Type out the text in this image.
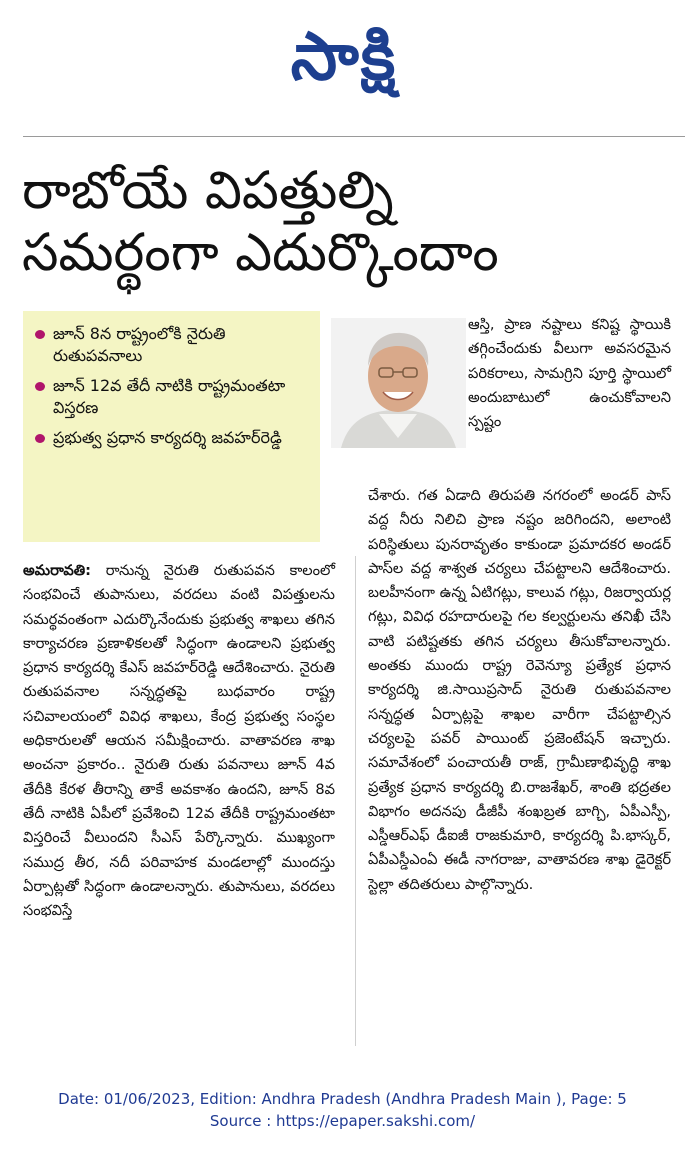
సాక్షి
రాబోయే విపత్తుల్ని
సమర్థంగా ఎదుర్కొందాం
జూన్ 8న రాష్ట్రంలోకి నైరుతి రుతుపవనాలు
జూన్ 12వ తేదీ నాటికి రాష్ట్రమంతటా విస్తరణ
ప్రభుత్వ ప్రధాన కార్యదర్శి జవహర్‌రెడ్డి
ఆస్తి, ప్రాణ నష్టాలు కనిష్ట స్థాయికి తగ్గించేందుకు వీలుగా అవసరమైన పరికరాలు, సామగ్రిని పూర్తి స్థాయిలో అందుబాటులో ఉంచుకోవాలని స్పష్టం
చేశారు. గత ఏడాది తిరుపతి నగరంలో అండర్ పాస్ వద్ద నీరు నిలిచి ప్రాణ నష్టం జరిగిందని, అలాంటి పరిస్థితులు పునరావృతం కాకుండా ప్రమాదకర అండర్ పాస్‌ల వద్ద శాశ్వత చర్యలు చేపట్టాలని ఆదేశించారు. బలహీనంగా ఉన్న ఏటిగట్లు, కాలువ గట్లు, రిజర్వాయర్ల గట్లు, వివిధ రహదారులపై గల కల్వర్టులను తనిఖీ చేసి వాటి పటిష్టతకు తగిన చర్యలు తీసుకోవాలన్నారు. అంతకు ముందు రాష్ట్ర రెవెన్యూ ప్రత్యేక ప్రధాన కార్యదర్శి జి.సాయిప్రసాద్ నైరుతి రుతుపవనాల సన్నద్ధత ఏర్పాట్లపై శాఖల వారీగా చేపట్టాల్సిన చర్యలపై పవర్ పాయింట్ ప్రజెంటేషన్ ఇచ్చారు. సమావేశంలో పంచాయతీ రాజ్, గ్రామీణాభివృద్ధి శాఖ ప్రత్యేక ప్రధాన కార్యదర్శి బి.రాజశేఖర్, శాంతి భద్రతల విభాగం అదనపు డీజీపీ శంఖబ్రత బాగ్చి, ఏపీఎస్పీ, ఎస్డీఆర్ఎఫ్ డీఐజీ రాజకుమారి, కార్యదర్శి పి.భాస్కర్, ఏపీఎస్డీఎంఏ ఈడీ నాగరాజు, వాతావరణ శాఖ డైరెక్టర్ స్టెల్లా తదితరులు పాల్గొన్నారు.
అమరావతి: రానున్న నైరుతి రుతుపవన కాలంలో సంభవించే తుపానులు, వరదలు వంటి విపత్తులను సమర్థవంతంగా ఎదుర్కొనేందుకు ప్రభుత్వ శాఖలు తగిన కార్యాచరణ ప్రణాళికలతో సిద్ధంగా ఉండాలని ప్రభుత్వ ప్రధాన కార్యదర్శి కేఎస్ జవహర్‌రెడ్డి ఆదేశించారు. నైరుతి రుతుపవనాల సన్నద్ధతపై బుధవారం రాష్ట్ర సచివాలయంలో వివిధ శాఖలు, కేంద్ర ప్రభుత్వ సంస్థల అధికారులతో ఆయన సమీక్షించారు. వాతావరణ శాఖ అంచనా ప్రకారం.. నైరుతి రుతు పవనాలు జూన్ 4వ తేదీకి కేరళ తీరాన్ని తాకే అవకాశం ఉందని, జూన్ 8వ తేదీ నాటికి ఏపీలో ప్రవేశించి 12వ తేదీకి రాష్ట్రమంతటా విస్తరించే వీలుందని సీఎస్ పేర్కొన్నారు. ముఖ్యంగా సముద్ర తీర, నదీ పరివాహక మండలాల్లో ముందస్తు ఏర్పాట్లతో సిద్ధంగా ఉండాలన్నారు. తుపానులు, వరదలు సంభవిస్తే
Date: 01/06/2023, Edition: Andhra Pradesh (Andhra Pradesh Main ), Page: 5
Source : https://epaper.sakshi.com/
